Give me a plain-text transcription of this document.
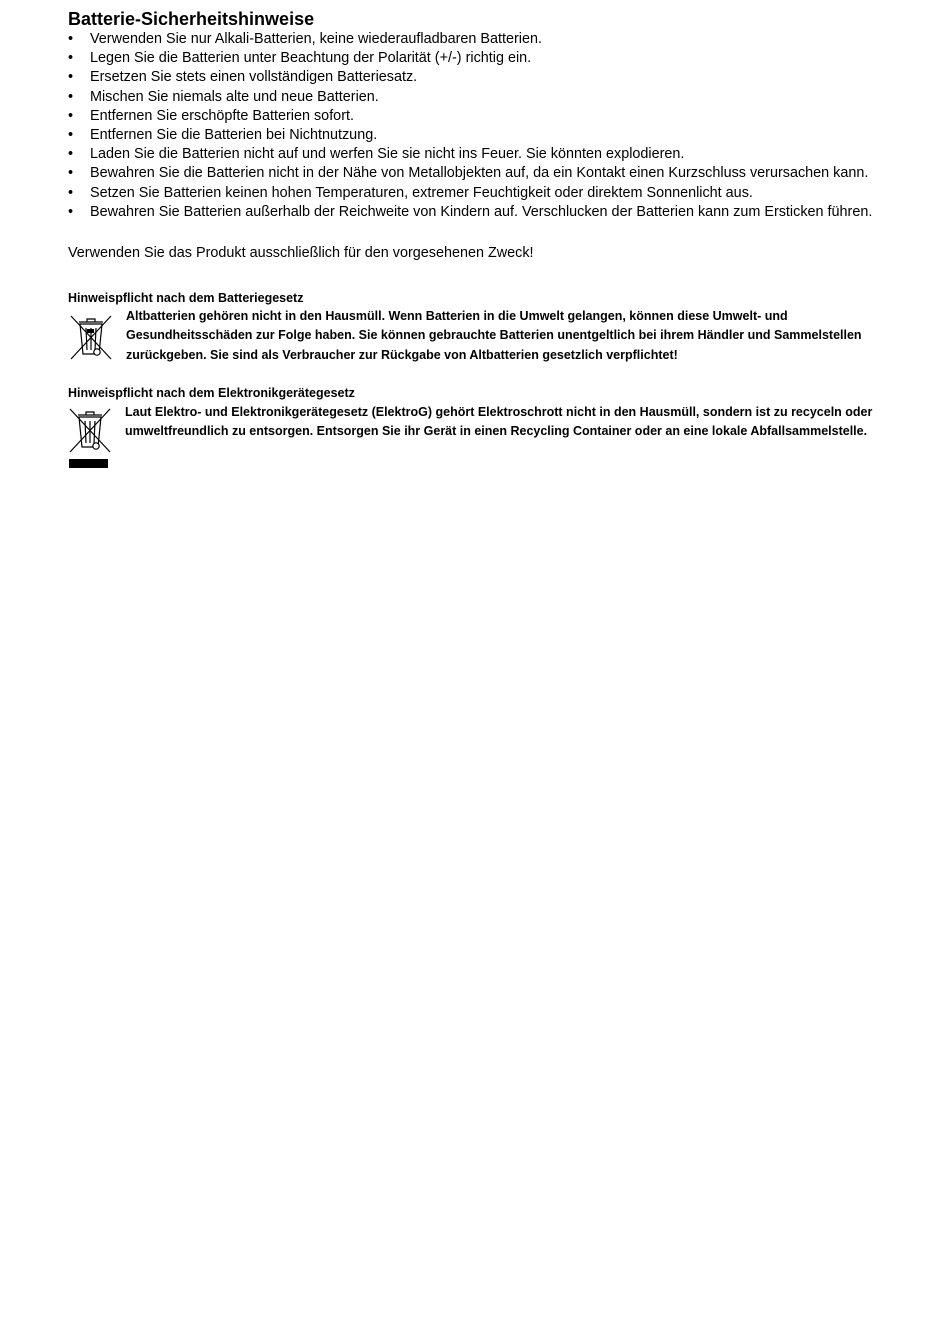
Batterie-Sicherheitshinweise
•	Verwenden Sie nur Alkali-Batterien, keine wiederaufladbaren Batterien.
•	Legen Sie die Batterien unter Beachtung der Polarität (+/-) richtig ein.
•	Ersetzen Sie stets einen vollständigen Batteriesatz.
•	Mischen Sie niemals alte und neue Batterien.
•	Entfernen Sie erschöpfte Batterien sofort.
•	Entfernen Sie die Batterien bei Nichtnutzung.
•	Laden Sie die Batterien nicht auf und werfen Sie sie nicht ins Feuer. Sie könnten explodieren.
•	Bewahren Sie die Batterien nicht in der Nähe von Metallobjekten auf, da ein Kontakt einen Kurzschluss verursachen kann.
•	Setzen Sie Batterien keinen hohen Temperaturen, extremer Feuchtigkeit oder direktem Sonnenlicht aus.
•	Bewahren Sie Batterien außerhalb der Reichweite von Kindern auf. Verschlucken der Batterien kann zum Ersticken führen.

Verwenden Sie das Produkt ausschließlich für den vorgesehenen Zweck!

Hinweispflicht nach dem Batteriegesetz

Altbatterien gehören nicht in den Hausmüll. Wenn Batterien in die Umwelt gelangen, können diese Umwelt- und Gesundheitsschäden zur Folge haben. Sie können gebrauchte Batterien unentgeltlich bei ihrem Händler und Sammelstellen zurückgeben. Sie sind als Verbraucher zur Rückgabe von Altbatterien gesetzlich verpflichtet!

Hinweispflicht nach dem Elektronikgerätegesetz

Laut Elektro- und Elektronikgerätegesetz (ElektroG) gehört Elektroschrott nicht in den Hausmüll, sondern ist zu recyceln oder umweltfreundlich zu entsorgen. Entsorgen Sie ihr Gerät in einen Recycling Container oder an eine lokale Abfallsammelstelle.
